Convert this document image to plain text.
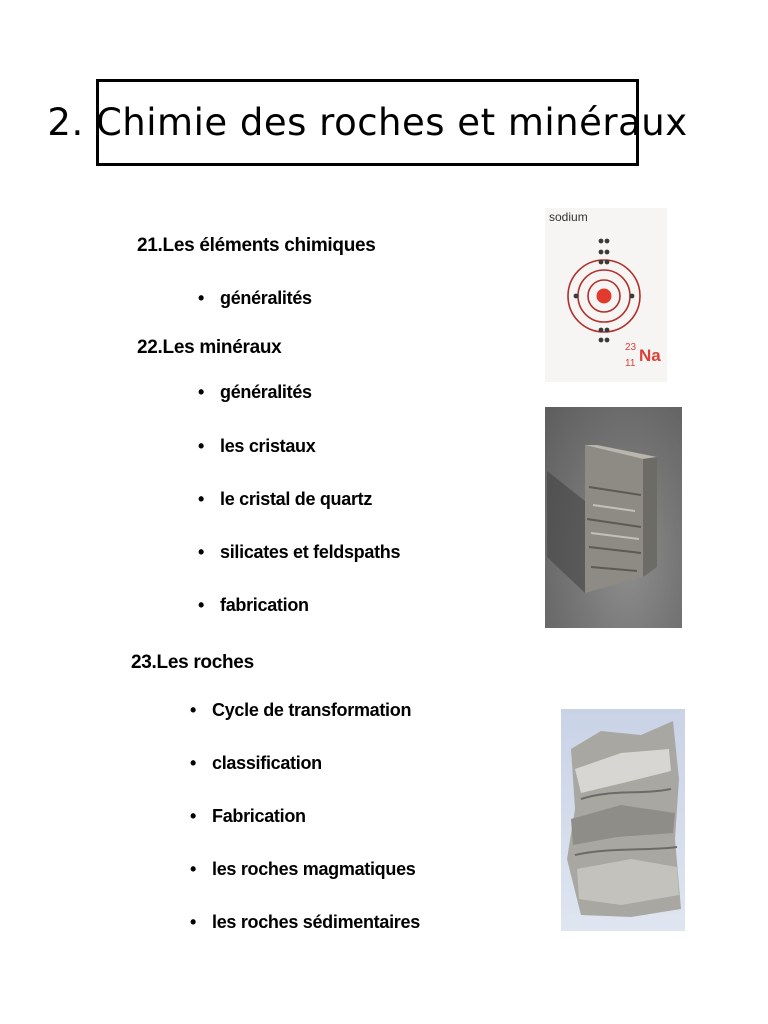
2. Chimie des roches et minéraux
21.Les éléments chimiques
• généralités
22.Les minéraux
• généralités
• les cristaux
• le cristal de quartz
• silicates et feldspaths
• fabrication
23.Les roches
• Cycle de transformation
• classification
• Fabrication
• les roches magmatiques
• les roches sédimentaires
sodium
23
11 Na
